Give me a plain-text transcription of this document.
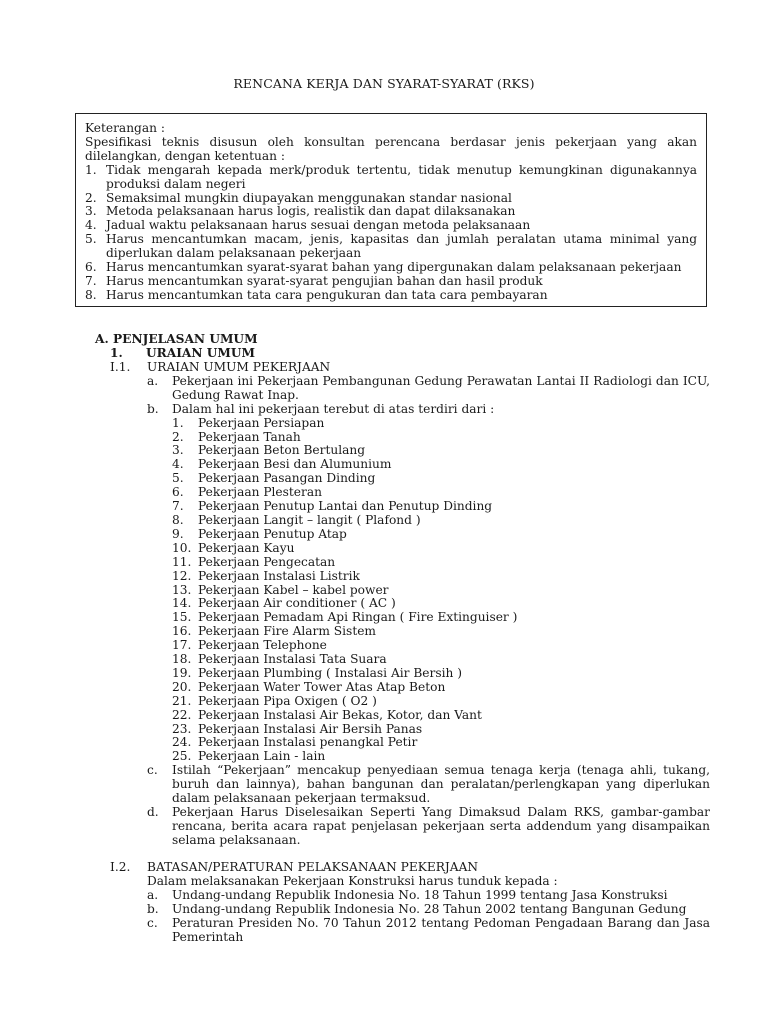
RENCANA KERJA DAN SYARAT-SYARAT (RKS)
Keterangan :
Spesifikasi teknis disusun oleh konsultan perencana berdasar jenis pekerjaan yang akan dilelangkan, dengan ketentuan :
1. Tidak mengarah kepada merk/produk tertentu, tidak menutup kemungkinan digunakannya produksi dalam negeri
2. Semaksimal mungkin diupayakan menggunakan standar nasional
3. Metoda pelaksanaan harus logis, realistik dan dapat dilaksanakan
4. Jadual waktu pelaksanaan harus sesuai dengan metoda pelaksanaan
5. Harus mencantumkan macam, jenis, kapasitas dan jumlah peralatan utama minimal yang diperlukan dalam pelaksanaan pekerjaan
6. Harus mencantumkan syarat-syarat bahan yang dipergunakan dalam pelaksanaan pekerjaan
7. Harus mencantumkan syarat-syarat pengujian bahan dan hasil produk
8. Harus mencantumkan tata cara pengukuran dan tata cara pembayaran
A. PENJELASAN UMUM
1. URAIAN UMUM
I.1.	URAIAN UMUM PEKERJAAN
a.	Pekerjaan ini Pekerjaan Pembangunan Gedung Perawatan Lantai II Radiologi dan ICU, Gedung Rawat Inap.
b.	Dalam hal ini pekerjaan terebut di atas terdiri dari :
1.	Pekerjaan Persiapan
2.	Pekerjaan Tanah
3.	Pekerjaan Beton Bertulang
4.	Pekerjaan Besi dan Alumunium
5.	Pekerjaan Pasangan Dinding
6.	Pekerjaan Plesteran
7.	Pekerjaan Penutup Lantai dan Penutup Dinding
8.	Pekerjaan Langit – langit ( Plafond )
9.	Pekerjaan Penutup Atap
10. Pekerjaan Kayu
11. Pekerjaan Pengecatan
12. Pekerjaan Instalasi Listrik
13. Pekerjaan Kabel – kabel power
14. Pekerjaan Air conditioner ( AC )
15. Pekerjaan Pemadam Api Ringan ( Fire Extinguiser )
16. Pekerjaan Fire Alarm Sistem
17. Pekerjaan Telephone
18. Pekerjaan Instalasi Tata Suara
19. Pekerjaan Plumbing ( Instalasi Air Bersih )
20. Pekerjaan Water Tower Atas Atap Beton
21. Pekerjaan Pipa Oxigen ( O2 )
22. Pekerjaan Instalasi Air Bekas, Kotor, dan Vant
23. Pekerjaan Instalasi Air Bersih Panas
24. Pekerjaan Instalasi penangkal Petir
25. Pekerjaan Lain - lain
c.	Istilah “Pekerjaan” mencakup penyediaan semua tenaga kerja (tenaga ahli, tukang, buruh dan lainnya), bahan bangunan dan peralatan/perlengkapan yang diperlukan dalam pelaksanaan pekerjaan termaksud.
d.	Pekerjaan Harus Diselesaikan Seperti Yang Dimaksud Dalam RKS, gambar-gambar rencana, berita acara rapat penjelasan pekerjaan serta addendum yang disampaikan selama pelaksanaan.
I.2.	BATASAN/PERATURAN PELAKSANAAN PEKERJAAN
Dalam melaksanakan Pekerjaan Konstruksi harus tunduk kepada :
a.	Undang-undang Republik Indonesia No. 18 Tahun 1999 tentang Jasa Konstruksi
b.	Undang-undang Republik Indonesia No. 28 Tahun 2002 tentang Bangunan Gedung
c.	Peraturan Presiden No. 70 Tahun 2012 tentang Pedoman Pengadaan Barang dan Jasa Pemerintah
